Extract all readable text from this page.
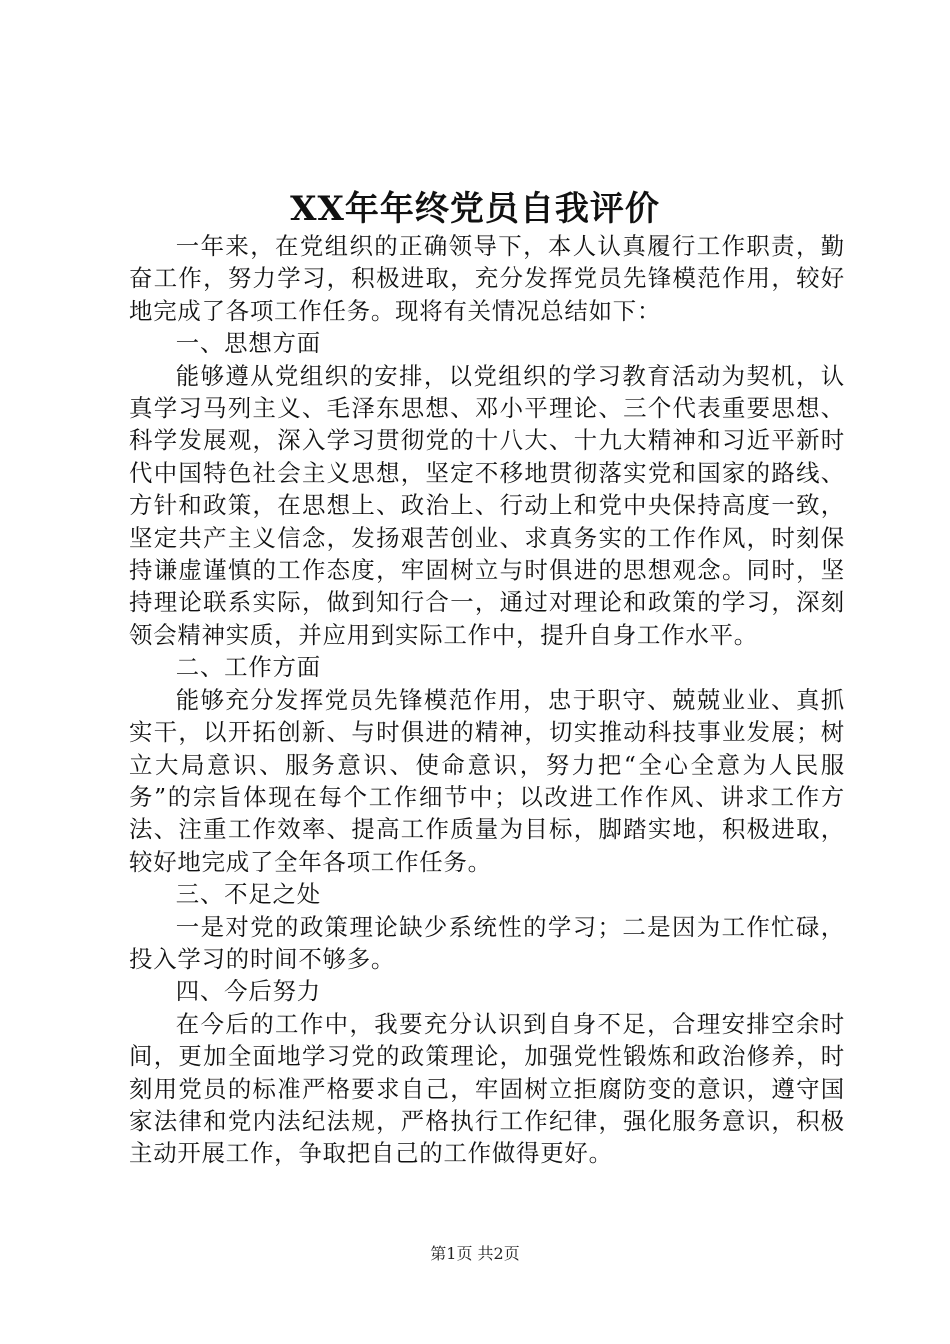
XX年年终党员自我评价

一年来，在党组织的正确领导下，本人认真履行工作职责，勤奋工作，努力学习，积极进取，充分发挥党员先锋模范作用，较好地完成了各项工作任务。现将有关情况总结如下：

一、思想方面

能够遵从党组织的安排，以党组织的学习教育活动为契机，认真学习马列主义、毛泽东思想、邓小平理论、三个代表重要思想、科学发展观，深入学习贯彻党的十八大、十九大精神和习近平新时代中国特色社会主义思想，坚定不移地贯彻落实党和国家的路线、方针和政策，在思想上、政治上、行动上和党中央保持高度一致，坚定共产主义信念，发扬艰苦创业、求真务实的工作作风，时刻保持谦虚谨慎的工作态度，牢固树立与时俱进的思想观念。同时，坚持理论联系实际，做到知行合一，通过对理论和政策的学习，深刻领会精神实质，并应用到实际工作中，提升自身工作水平。

二、工作方面

能够充分发挥党员先锋模范作用，忠于职守、兢兢业业、真抓实干，以开拓创新、与时俱进的精神，切实推动科技事业发展；树立大局意识、服务意识、使命意识，努力把“全心全意为人民服务”的宗旨体现在每个工作细节中；以改进工作作风、讲求工作方法、注重工作效率、提高工作质量为目标，脚踏实地，积极进取，较好地完成了全年各项工作任务。

三、不足之处

一是对党的政策理论缺少系统性的学习；二是因为工作忙碌，投入学习的时间不够多。

四、今后努力

在今后的工作中，我要充分认识到自身不足，合理安排空余时间，更加全面地学习党的政策理论，加强党性锻炼和政治修养，时刻用党员的标准严格要求自己，牢固树立拒腐防变的意识，遵守国家法律和党内法纪法规，严格执行工作纪律，强化服务意识，积极主动开展工作，争取把自己的工作做得更好。

第1页 共2页
